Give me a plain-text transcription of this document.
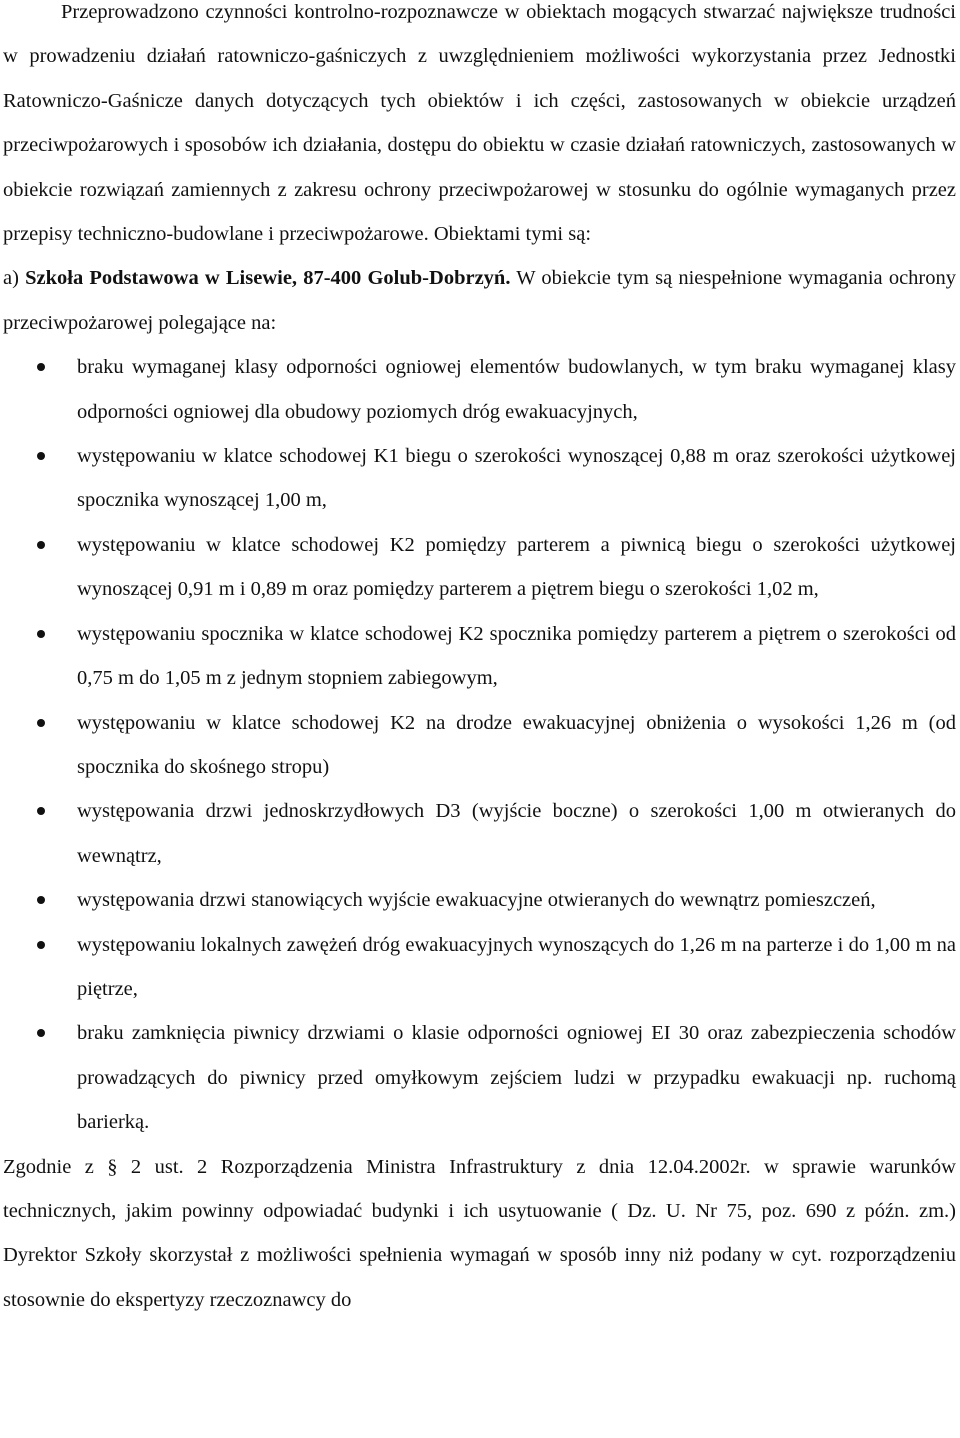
Przeprowadzono czynności kontrolno-rozpoznawcze w obiektach mogących stwarzać największe trudności w prowadzeniu działań ratowniczo-gaśniczych z uwzględnieniem możliwości wykorzystania przez Jednostki Ratowniczo-Gaśnicze danych dotyczących tych obiektów i ich części, zastosowanych w obiekcie urządzeń przeciwpożarowych i sposobów ich działania, dostępu do obiektu w czasie działań ratowniczych, zastosowanych w obiekcie rozwiązań zamiennych z zakresu ochrony przeciwpożarowej w stosunku do ogólnie wymaganych przez przepisy techniczno-budowlane i przeciwpożarowe. Obiektami tymi są:
a) Szkoła Podstawowa w Lisewie, 87-400 Golub-Dobrzyń. W obiekcie tym są niespełnione wymagania ochrony przeciwpożarowej polegające na:

braku wymaganej klasy odporności ogniowej elementów budowlanych, w tym braku wymaganej klasy odporności ogniowej dla obudowy poziomych dróg ewakuacyjnych,
występowaniu w klatce schodowej K1 biegu o szerokości wynoszącej 0,88 m oraz szerokości użytkowej spocznika wynoszącej 1,00 m,
występowaniu w klatce schodowej K2 pomiędzy parterem a piwnicą biegu o szerokości użytkowej wynoszącej 0,91 m i 0,89 m oraz pomiędzy parterem a piętrem biegu o szerokości 1,02 m,
występowaniu spocznika w klatce schodowej K2 spocznika pomiędzy parterem a piętrem o szerokości od 0,75 m do 1,05 m z jednym stopniem zabiegowym,
występowaniu w klatce schodowej K2 na drodze ewakuacyjnej obniżenia o wysokości 1,26 m (od spocznika do skośnego stropu)
występowania drzwi jednoskrzydłowych D3 (wyjście boczne) o szerokości 1,00 m otwieranych do wewnątrz,
występowania drzwi stanowiących wyjście ewakuacyjne otwieranych do wewnątrz pomieszczeń,
występowaniu lokalnych zawężeń dróg ewakuacyjnych wynoszących do 1,26 m na parterze i do 1,00 m na piętrze,
braku zamknięcia piwnicy drzwiami o klasie odporności ogniowej EI 30 oraz zabezpieczenia schodów prowadzących do piwnicy przed omyłkowym zejściem ludzi w przypadku ewakuacji np. ruchomą barierką.

Zgodnie z § 2 ust. 2 Rozporządzenia Ministra Infrastruktury z dnia 12.04.2002r. w sprawie warunków technicznych, jakim powinny odpowiadać budynki i ich usytuowanie ( Dz. U. Nr 75, poz. 690 z późn. zm.) Dyrektor Szkoły skorzystał z możliwości spełnienia wymagań w sposób inny niż podany w cyt. rozporządzeniu stosownie do ekspertyzy rzeczoznawcy do
